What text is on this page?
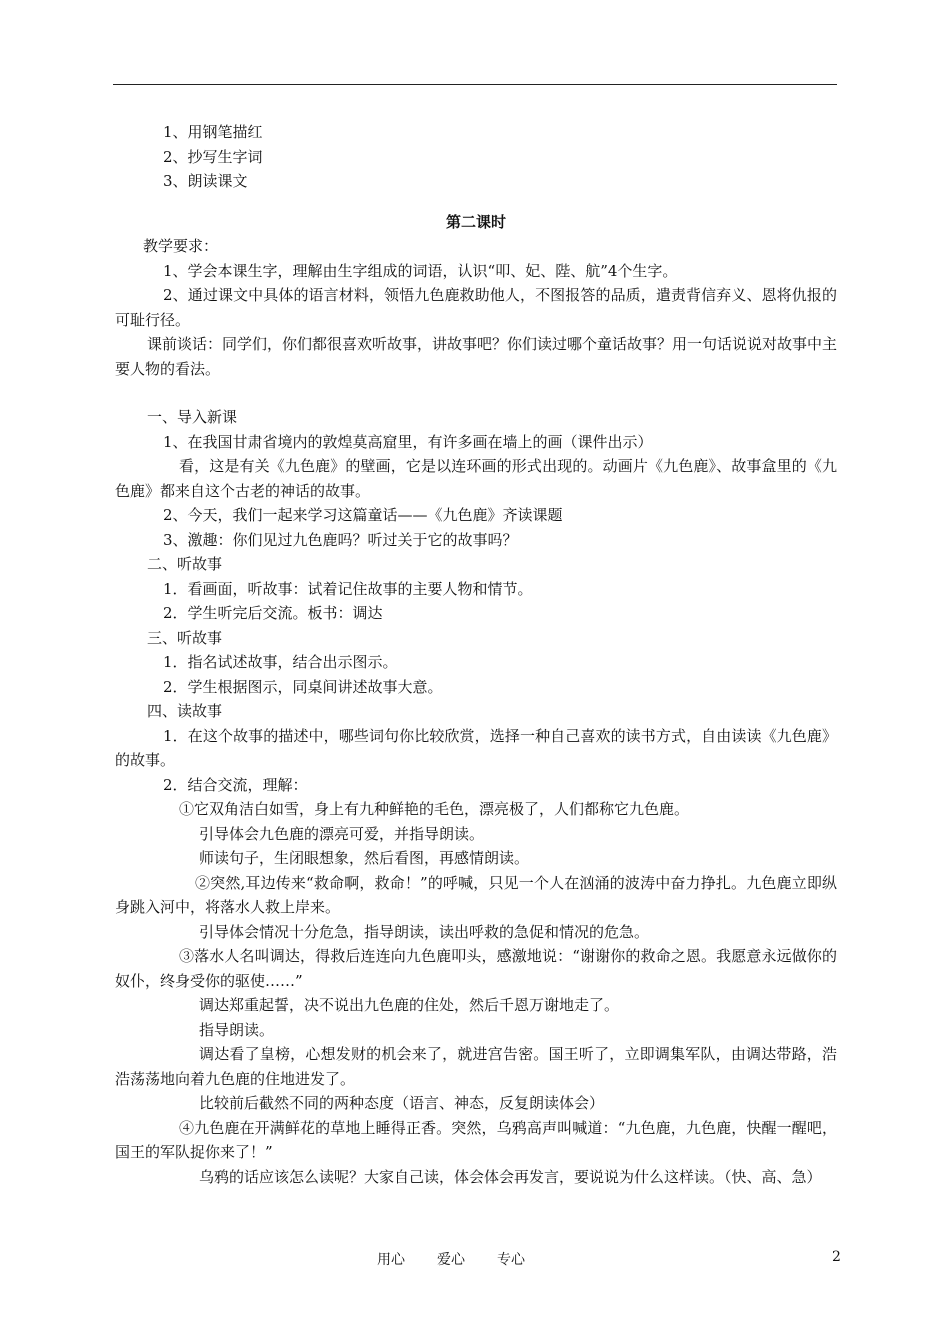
1、用钢笔描红

2、抄写生字词

3、朗读课文

第二课时

教学要求：

1、学会本课生字，理解由生字组成的词语，认识“叩、妃、陛、航”4个生字。

2、通过课文中具体的语言材料，领悟九色鹿救助他人，不图报答的品质，遣责背信弃义、恩将仇报的可耻行径。

课前谈话：同学们，你们都很喜欢听故事，讲故事吧？你们读过哪个童话故事？用一句话说说对故事中主要人物的看法。

一、导入新课

1、在我国甘肃省境内的敦煌莫高窟里，有许多画在墙上的画（课件出示）

看，这是有关《九色鹿》的壁画，它是以连环画的形式出现的。动画片《九色鹿》、故事盒里的《九色鹿》都来自这个古老的神话的故事。

2、今天，我们一起来学习这篇童话——《九色鹿》齐读课题

3、激趣：你们见过九色鹿吗？听过关于它的故事吗？

二、听故事

1．看画面，听故事：试着记住故事的主要人物和情节。

2．学生听完后交流。板书：调达

三、听故事

1．指名试述故事，结合出示图示。

2．学生根据图示，同桌间讲述故事大意。

四、读故事

1．在这个故事的描述中，哪些词句你比较欣赏，选择一种自己喜欢的读书方式，自由读读《九色鹿》的故事。

2．结合交流，理解：

①它双角洁白如雪，身上有九种鲜艳的毛色，漂亮极了，人们都称它九色鹿。

引导体会九色鹿的漂亮可爱，并指导朗读。

师读句子，生闭眼想象，然后看图，再感情朗读。

②突然,耳边传来“救命啊，救命！”的呼喊，只见一个人在汹涌的波涛中奋力挣扎。九色鹿立即纵身跳入河中，将落水人救上岸来。

引导体会情况十分危急，指导朗读，读出呼救的急促和情况的危急。

③落水人名叫调达，得救后连连向九色鹿叩头，感激地说：“谢谢你的救命之恩。我愿意永远做你的奴仆，终身受你的驱使……”

调达郑重起誓，决不说出九色鹿的住处，然后千恩万谢地走了。

指导朗读。

调达看了皇榜，心想发财的机会来了，就进宫告密。国王听了，立即调集军队，由调达带路，浩浩荡荡地向着九色鹿的住地进发了。

比较前后截然不同的两种态度（语言、神态，反复朗读体会）

④九色鹿在开满鲜花的草地上睡得正香。突然，乌鸦高声叫喊道：“九色鹿，九色鹿，快醒一醒吧，国王的军队捉你来了！”

乌鸦的话应该怎么读呢？大家自己读，体会体会再发言，要说说为什么这样读。（快、高、急）

用心 爱心 专心	2
